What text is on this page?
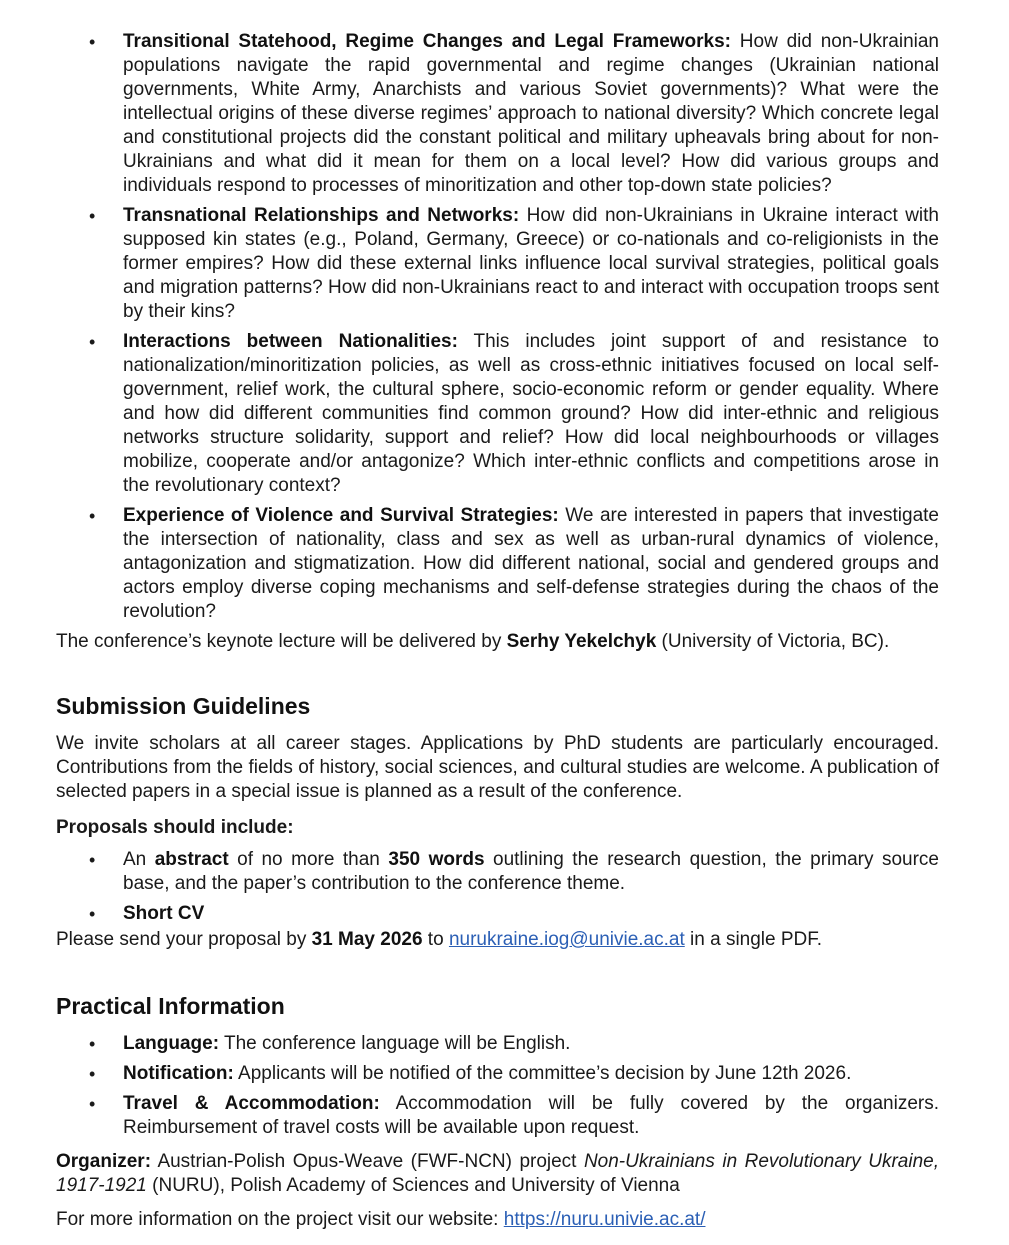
• Transitional Statehood, Regime Changes and Legal Frameworks: How did non-Ukrainian populations navigate the rapid governmental and regime changes (Ukrainian national governments, White Army, Anarchists and various Soviet governments)? What were the intellectual origins of these diverse regimes’ approach to national diversity? Which concrete legal and constitutional projects did the constant political and military upheavals bring about for non-Ukrainians and what did it mean for them on a local level? How did various groups and individuals respond to processes of minoritization and other top-down state policies?
• Transnational Relationships and Networks: How did non-Ukrainians in Ukraine interact with supposed kin states (e.g., Poland, Germany, Greece) or co-nationals and co-religionists in the former empires? How did these external links influence local survival strategies, political goals and migration patterns? How did non-Ukrainians react to and interact with occupation troops sent by their kins?
• Interactions between Nationalities: This includes joint support of and resistance to nationalization/minoritization policies, as well as cross-ethnic initiatives focused on local self-government, relief work, the cultural sphere, socio-economic reform or gender equality. Where and how did different communities find common ground? How did inter-ethnic and religious networks structure solidarity, support and relief? How did local neighbourhoods or villages mobilize, cooperate and/or antagonize? Which inter-ethnic conflicts and competitions arose in the revolutionary context?
• Experience of Violence and Survival Strategies: We are interested in papers that investigate the intersection of nationality, class and sex as well as urban-rural dynamics of violence, antagonization and stigmatization. How did different national, social and gendered groups and actors employ diverse coping mechanisms and self-defense strategies during the chaos of the revolution?

The conference’s keynote lecture will be delivered by Serhy Yekelchyk (University of Victoria, BC).

Submission Guidelines

We invite scholars at all career stages. Applications by PhD students are particularly encouraged. Contributions from the fields of history, social sciences, and cultural studies are welcome. A publication of selected papers in a special issue is planned as a result of the conference.

Proposals should include:

• An abstract of no more than 350 words outlining the research question, the primary source base, and the paper’s contribution to the conference theme.
• Short CV

Please send your proposal by 31 May 2026 to nurukraine.iog@univie.ac.at in a single PDF.

Practical Information
• Language: The conference language will be English.
• Notification: Applicants will be notified of the committee’s decision by June 12th 2026.
• Travel & Accommodation: Accommodation will be fully covered by the organizers. Reimbursement of travel costs will be available upon request.

Organizer: Austrian-Polish Opus-Weave (FWF-NCN) project Non-Ukrainians in Revolutionary Ukraine, 1917-1921 (NURU), Polish Academy of Sciences and University of Vienna

For more information on the project visit our website: https://nuru.univie.ac.at/
